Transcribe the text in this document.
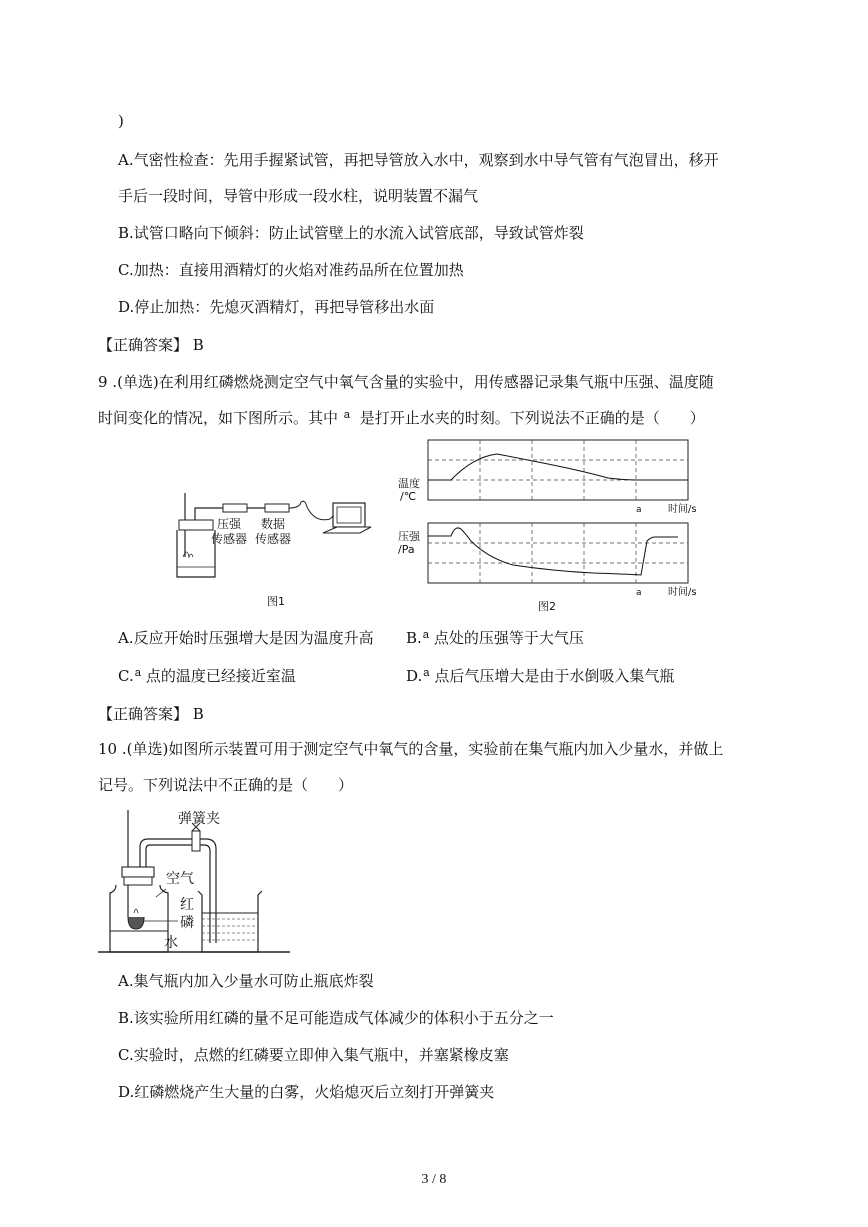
)
A.气密性检查：先用手握紧试管，再把导管放入水中，观察到水中导气管有气泡冒出，移开
手后一段时间，导管中形成一段水柱，说明装置不漏气
B.试管口略向下倾斜：防止试管壁上的水流入试管底部，导致试管炸裂
C.加热：直接用酒精灯的火焰对准药品所在位置加热
D.停止加热：先熄灭酒精灯，再把导管移出水面
【正确答案】 B
9 .(单选)在利用红磷燃烧测定空气中氧气含量的实验中，用传感器记录集气瓶中压强、温度随
时间变化的情况，如下图所示。其中 $^a$ 是打开止水夹的时刻。下列说法不正确的是（　　）
压强
传感器
数据
传感器
图1
温度
/℃
a	时间/s
压强
/Pa
a	时间/s
图2
A.反应开始时压强增大是因为温度升高 B.$^a$ 点处的压强等于大气压
C.$^a$ 点的温度已经接近室温	D.$^a$ 点后气压增大是由于水倒吸入集气瓶
【正确答案】 B
10 .(单选)如图所示装置可用于测定空气中氧气的含量，实验前在集气瓶内加入少量水，并做上
记号。下列说法中不正确的是（　　）
弹簧夹
空气
红
磷
水
A.集气瓶内加入少量水可防止瓶底炸裂
B.该实验所用红磷的量不足可能造成气体减少的体积小于五分之一
C.实验时，点燃的红磷要立即伸入集气瓶中，并塞紧橡皮塞
D.红磷燃烧产生大量的白雾，火焰熄灭后立刻打开弹簧夹
3 / 8
